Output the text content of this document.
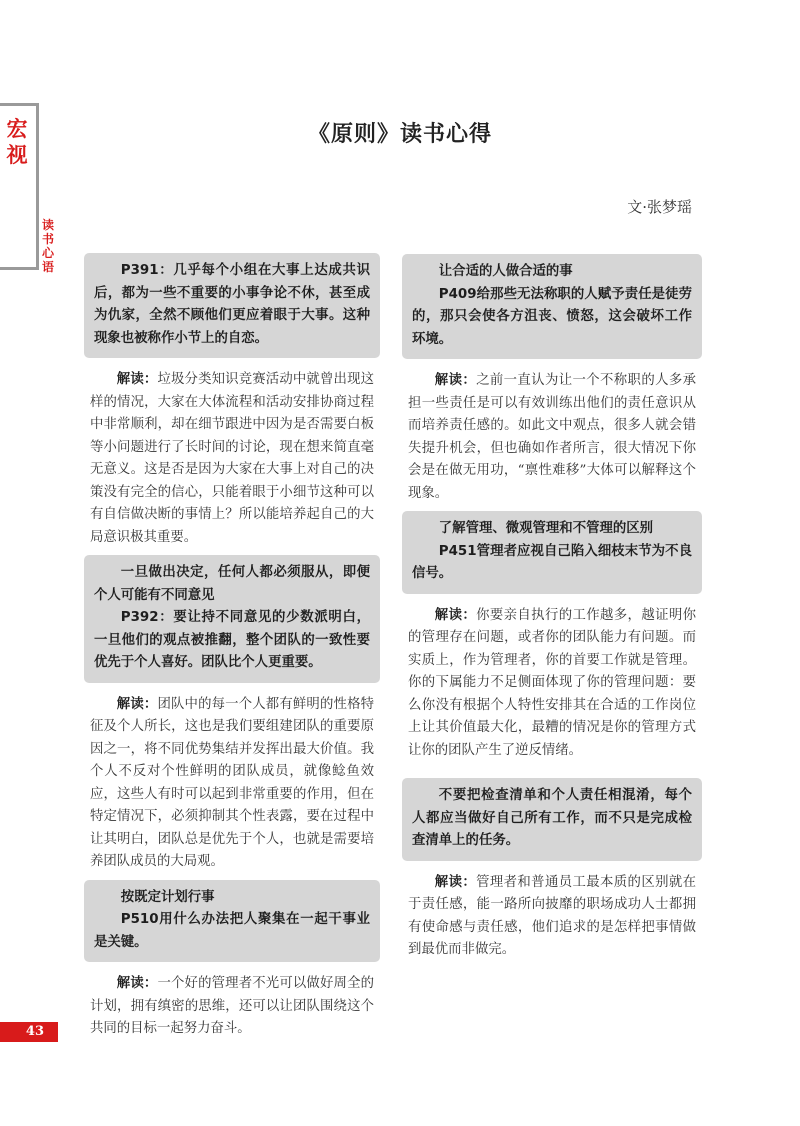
宏视
读书心语
43
《原则》读书心得
文·张梦瑶

P391：几乎每个小组在大事上达成共识后，都为一些不重要的小事争论不休，甚至成为仇家，全然不顾他们更应着眼于大事。这种现象也被称作小节上的自恋。

解读：垃圾分类知识竞赛活动中就曾出现这样的情况，大家在大体流程和活动安排协商过程中非常顺利，却在细节跟进中因为是否需要白板等小问题进行了长时间的讨论，现在想来简直毫无意义。这是否是因为大家在大事上对自己的决策没有完全的信心，只能着眼于小细节这种可以有自信做决断的事情上？所以能培养起自己的大局意识极其重要。

一旦做出决定，任何人都必须服从，即便个人可能有不同意见

P392：要让持不同意见的少数派明白，一旦他们的观点被推翻，整个团队的一致性要优先于个人喜好。团队比个人更重要。

解读：团队中的每一个人都有鲜明的性格特征及个人所长，这也是我们要组建团队的重要原因之一，将不同优势集结并发挥出最大价值。我个人不反对个性鲜明的团队成员，就像鲶鱼效应，这些人有时可以起到非常重要的作用，但在特定情况下，必须抑制其个性表露，要在过程中让其明白，团队总是优先于个人，也就是需要培养团队成员的大局观。

按既定计划行事

P510用什么办法把人聚集在一起干事业是关键。

解读：一个好的管理者不光可以做好周全的计划，拥有缜密的思维，还可以让团队围绕这个共同的目标一起努力奋斗。

让合适的人做合适的事

P409给那些无法称职的人赋予责任是徒劳的，那只会使各方沮丧、愤怒，这会破坏工作环境。

解读：之前一直认为让一个不称职的人多承担一些责任是可以有效训练出他们的责任意识从而培养责任感的。如此文中观点，很多人就会错失提升机会，但也确如作者所言，很大情况下你会是在做无用功，“禀性难移”大体可以解释这个现象。

了解管理、微观管理和不管理的区别

P451管理者应视自己陷入细枝末节为不良信号。

解读：你要亲自执行的工作越多，越证明你的管理存在问题，或者你的团队能力有问题。而实质上，作为管理者，你的首要工作就是管理。你的下属能力不足侧面体现了你的管理问题：要么你没有根据个人特性安排其在合适的工作岗位上让其价值最大化，最糟的情况是你的管理方式让你的团队产生了逆反情绪。

不要把检查清单和个人责任相混淆，每个人都应当做好自己所有工作，而不只是完成检查清单上的任务。

解读：管理者和普通员工最本质的区别就在于责任感，能一路所向披靡的职场成功人士都拥有使命感与责任感，他们追求的是怎样把事情做到最优而非做完。
